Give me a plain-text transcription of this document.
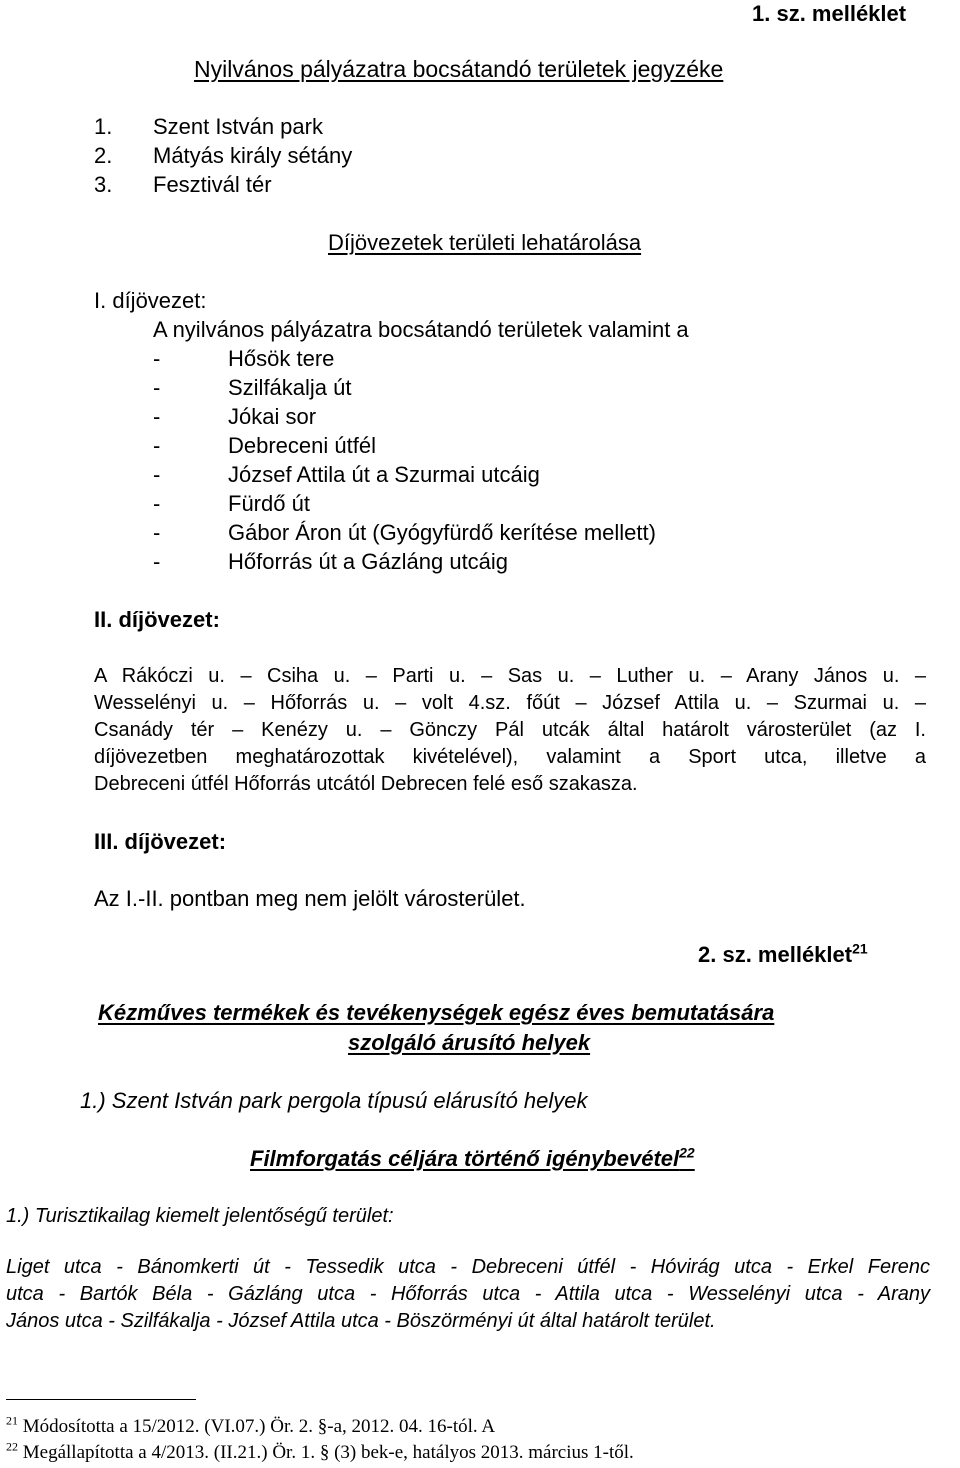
1. sz. melléklet
Nyilvános pályázatra bocsátandó területek jegyzéke
1. Szent István park
2. Mátyás király sétány
3. Fesztivál tér
Díjövezetek területi lehatárolása
I. díjövezet:
A nyilvános pályázatra bocsátandó területek valamint a
-	Hősök tere
-	Szilfákalja út
-	Jókai sor
-	Debreceni útfél
-	József Attila út a Szurmai utcáig
-	Fürdő út
-	Gábor Áron út (Gyógyfürdő kerítése mellett)
-	Hőforrás út a Gázláng utcáig
II. díjövezet:
A Rákóczi u. – Csiha u. – Parti u. – Sas u. – Luther u. – Arany János u. –
Wesselényi u. – Hőforrás u. – volt 4.sz. főút – József Attila u. – Szurmai u. –
Csanády tér – Kenézy u. – Gönczy Pál utcák által határolt városterület (az I.
díjövezetben meghatározottak kivételével), valamint a Sport utca, illetve a
Debreceni útfél Hőforrás utcától Debrecen felé eső szakasza.
III. díjövezet:
Az I.-II. pontban meg nem jelölt városterület.
2. sz. melléklet$^{21}$
Kézműves termékek és tevékenységek egész éves bemutatására
szolgáló árusító helyek
1.) Szent István park pergola típusú elárusító helyek
Filmforgatás céljára történő igénybevétel$^{22}$
1.) Turisztikailag kiemelt jelentőségű terület:
Liget utca - Bánomkerti út - Tessedik utca - Debreceni útfél - Hóvirág utca - Erkel Ferenc
utca - Bartók Béla - Gázláng utca - Hőforrás utca - Attila utca - Wesselényi utca - Arany
János utca - Szilfákalja - József Attila utca - Böszörményi út által határolt terület.
$^{21}$ Módosította a 15/2012. (VI.07.) Ör. 2. §-a, 2012. 04. 16-tól. A
$^{22}$ Megállapította a 4/2013. (II.21.) Ör. 1. § (3) bek-e, hatályos 2013. március 1-től.
